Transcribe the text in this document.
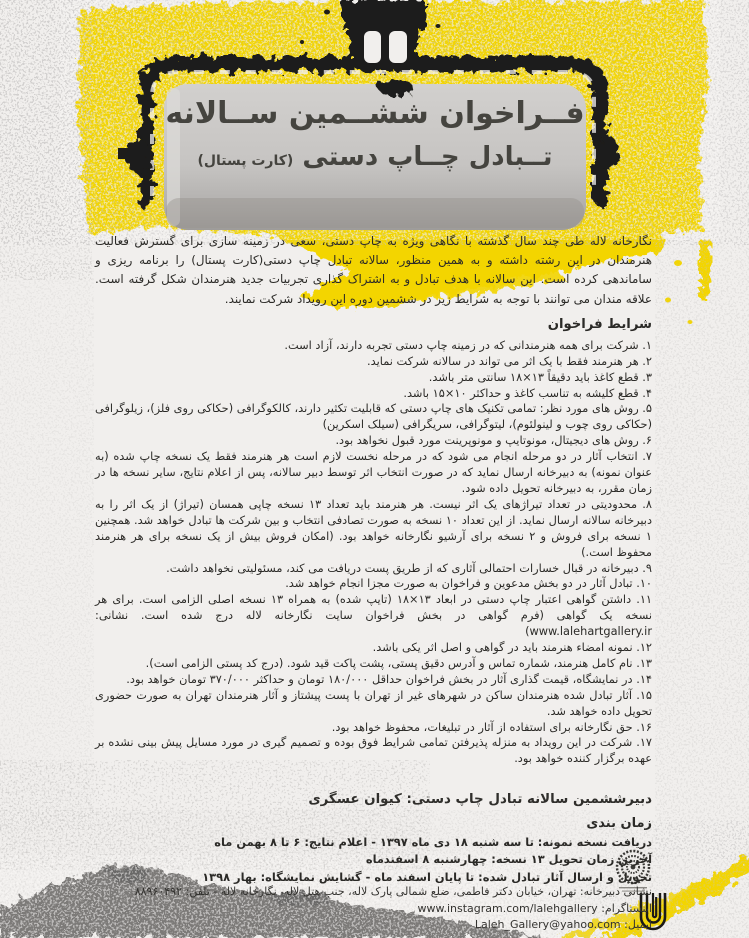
فــراخوان ششــمین ســالانه
تــبادل چــاپ دستی (کارت پستال)
نگارخانه لاله طی چند سال گذشته با نگاهی ویژه به چاپ دستی، سعی در زمینه سازی برای گسترش فعالیت هنرمندان در این رشته داشته و به همین منظور، سالانه تبادل چاپ دستی(کارت پستال) را برنامه ریزی و ساماندهی کرده است. این سالانه با هدف تبادل و به اشتراک گذاری تجربیات جدید هنرمندان شکل گرفته است. علاقه مندان می توانند با توجه به شرایط زیر در ششمین دوره این رویداد شرکت نمایند.
شرایط فراخوان

۱. شرکت برای همه هنرمندانی که در زمینه چاپ دستی تجربه دارند، آزاد است.

۲. هر هنرمند فقط با یک اثر می تواند در سالانه شرکت نماید.

۳. قطع کاغذ باید دقیقاً ۱۳×۱۸ سانتی متر باشد.

۴. قطع کلیشه به تناسب کاغذ و حداکثر ۱۰×۱۵ باشد.

۵. روش های مورد نظر: تمامی تکنیک های چاپ دستی که قابلیت تکثیر دارند، کالکوگرافی (حکاکی روی فلز)، زیلوگرافی (حکاکی روی چوب و لینولئوم)، لیتوگرافی، سریگرافی (سیلک اسکرین)

۶. روش های دیجیتال، مونوتایپ و مونوپرینت مورد قبول نخواهد بود.

۷. انتخاب آثار در دو مرحله انجام می شود که در مرحله نخست لازم است هر هنرمند فقط یک نسخه چاپ شده (به عنوان نمونه) به دبیرخانه ارسال نماید که در صورت انتخاب اثر توسط دبیر سالانه، پس از اعلام نتایج، سایر نسخه ها در زمان مقرر، به دبیرخانه تحویل داده شود.

۸. محدودیتی در تعداد تیراژهای یک اثر نیست. هر هنرمند باید تعداد ۱۳ نسخه چاپی همسان (تیراژ) از یک اثر را به دبیرخانه سالانه ارسال نماید. از این تعداد ۱۰ نسخه به صورت تصادفی انتخاب و بین شرکت ها تبادل خواهد شد. همچنین ۱ نسخه برای فروش و ۲ نسخه برای آرشیو نگارخانه خواهد بود. (امکان فروش بیش از یک نسخه برای هر هنرمند محفوظ است.)

۹. دبیرخانه در قبال خسارات احتمالی آثاری که از طریق پست دریافت می کند، مسئولیتی نخواهد داشت.

۱۰. تبادل آثار در دو بخش مدعوین و فراخوان به صورت مجزا انجام خواهد شد.

۱۱. داشتن گواهی اعتبار چاپ دستی در ابعاد ۱۳×۱۸ (تایپ شده) به همراه ۱۳ نسخه اصلی الزامی است. برای هر نسخه یک گواهی (فرم گواهی در بخش فراخوان سایت نگارخانه لاله درج شده است. نشانی: www.lalehartgallery.ir)

۱۲. نمونه امضاء هنرمند باید در گواهی و اصل اثر یکی باشد.

۱۳. نام کامل هنرمند، شماره تماس و آدرس دقیق پستی، پشت پاکت قید شود. (درج کد پستی الزامی است).

۱۴. در نمایشگاه، قیمت گذاری آثار در بخش فراخوان حداقل ۱۸۰/۰۰۰ تومان و حداکثر ۳۷۰/۰۰۰ تومان خواهد بود.

۱۵. آثار تبادل شده هنرمندان ساکن در شهرهای غیر از تهران با پست پیشتاز و آثار هنرمندان تهران به صورت حضوری تحویل داده خواهد شد.

۱۶. حق نگارخانه برای استفاده از آثار در تبلیغات، محفوظ خواهد بود.

۱۷. شرکت در این رویداد به منزله پذیرفتن تمامی شرایط فوق بوده و تصمیم گیری در مورد مسایل پیش بینی نشده بر عهده برگزار کننده خواهد بود.

دبیرششمین سالانه تبادل چاپ دستی: کیوان عسگری
زمان بندی
دریافت نسخه نمونه: تا سه شنبه ۱۸ دی ماه ۱۳۹۷ - اعلام نتایج: ۶ تا ۸ بهمن ماه
آخرین زمان تحویل ۱۳ نسخه: چهارشنبه ۸ اسفندماه
تحویل و ارسال آثار تبادل شده: تا پایان اسفند ماه - گشایش نمایشگاه: بهار ۱۳۹۸
نشانی دبیرخانه: تهران، خیابان دکتر فاطمی، ضلع شمالی پارک لاله، جنب هتل لاله، نگارخانه لاله - تلفن: ۸۸۹۶۰۴۹۲
اینستاگرام: www.instagram.com/lalehgallery
ایمیل: Laleh_Gallery@yahoo.com
